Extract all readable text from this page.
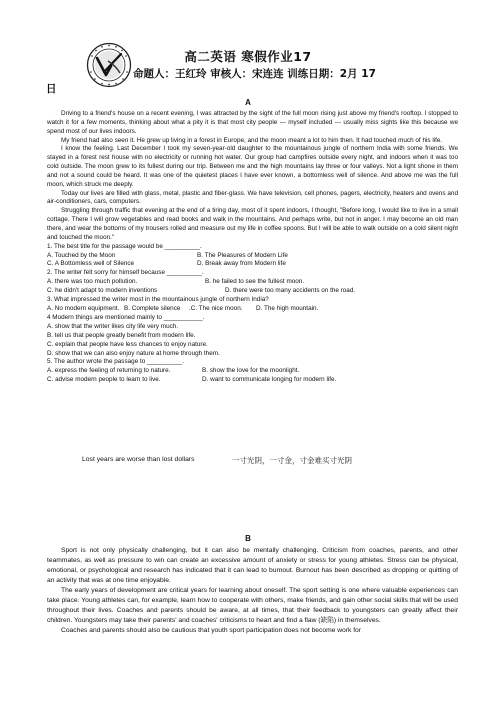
高二英语 寒假作业17
命题人：王红玲 审核人：宋连连 训练日期：2月 17
日
A

Driving to a friend's house on a recent evening, I was attracted by the sight of the full moon rising just above my friend's rooftop. I stopped to watch it for a few moments, thinking about what a pity it is that most city people --- myself included --- usually miss sights like this because we spend most of our lives indoors.

My friend had also seen it. He grew up living in a forest in Europe, and the moon meant a lot to him then. It had touched much of his life.

I know the feeling. Last December I took my seven-year-old daughter to the mountainous jungle of northern India with some friends. We stayed in a forest rest house with no electricity or running hot water. Our group had campfires outside every night, and indoors when it was too cold outside. The moon grew to its fullest during our trip. Between me and the high mountains lay three or four valleys. Not a light shone in them and not a sound could be heard. It was one of the quietest places I have ever known, a bottomless well of silence. And above me was the full moon, which struck me deeply.

Today our lives are filled with glass, metal, plastic and fiber-glass. We have television, cell phones, pagers, electricity, heaters and ovens and air-conditioners, cars, computers.

Struggling through traffic that evening at the end of a tiring day, most of it spent indoors, I thought, "Before long, I would like to live in a small cottage. There I will grow vegetables and read books and walk in the mountains. And perhaps write, but not in anger. I may become an old man there, and wear the bottoms of my trousers rolled and measure out my life in coffee spoons. But I will be able to walk outside on a cold silent night and touched the moon."

1. The best title for the passage would be __________.
A. Touched by the Moon	B. The Pleasures of Modern Life
C. A Bottomless well of Silence	D. Break away from Modern life
2. The writer felt sorry for himself because __________.
A. there was too much pollution.	B. he failed to see the fullest moon.
C. he didn't adapt to modern inventions	D. there were too many accidents on the road.
3. What impressed the writer most in the mountainous jungle of northern India?
A. No modern equipment. B. Complete silence	.C. The nice moon.	D. The high mountain.
4 Modern things are mentioned mainly to ___________.
A. show that the writer likes city life very much.
B. tell us that people greatly benefit from modern life.
C. explain that people have less chances to enjoy nature.
D. show that we can also enjoy nature at home through them.
5. The author wrote the passage to __________.
A. express the feeling of returning to nature.	B. show the love for the moonlight.
C. advise modern people to learn to live.	D. want to communicate longing for modern life.
Lost years are worse than lost dollars	一寸光阴，一寸金，寸金难买寸光阴
B

Sport is not only physically challenging, but it can also be mentally challenging. Criticism from coaches, parents, and other teammates, as well as pressure to win can create an excessive amount of anxiety or stress for young athletes. Stress can be physical, emotional, or psychological and research has indicated that it can lead to burnout. Burnout has been described as dropping or quitting of an activity that was at one time enjoyable.

The early years of development are critical years for learning about oneself. The sport setting is one where valuable experiences can take place. Young athletes can, for example, learn how to cooperate with others, make friends, and gain other social skills that will be used throughout their lives. Coaches and parents should be aware, at all times, that their feedback to youngsters can greatly affect their children. Youngsters may take their parents' and coaches' criticisms to heart and find a flaw (缺陷) in themselves.

Coaches and parents should also be cautious that youth sport participation does not become work for
